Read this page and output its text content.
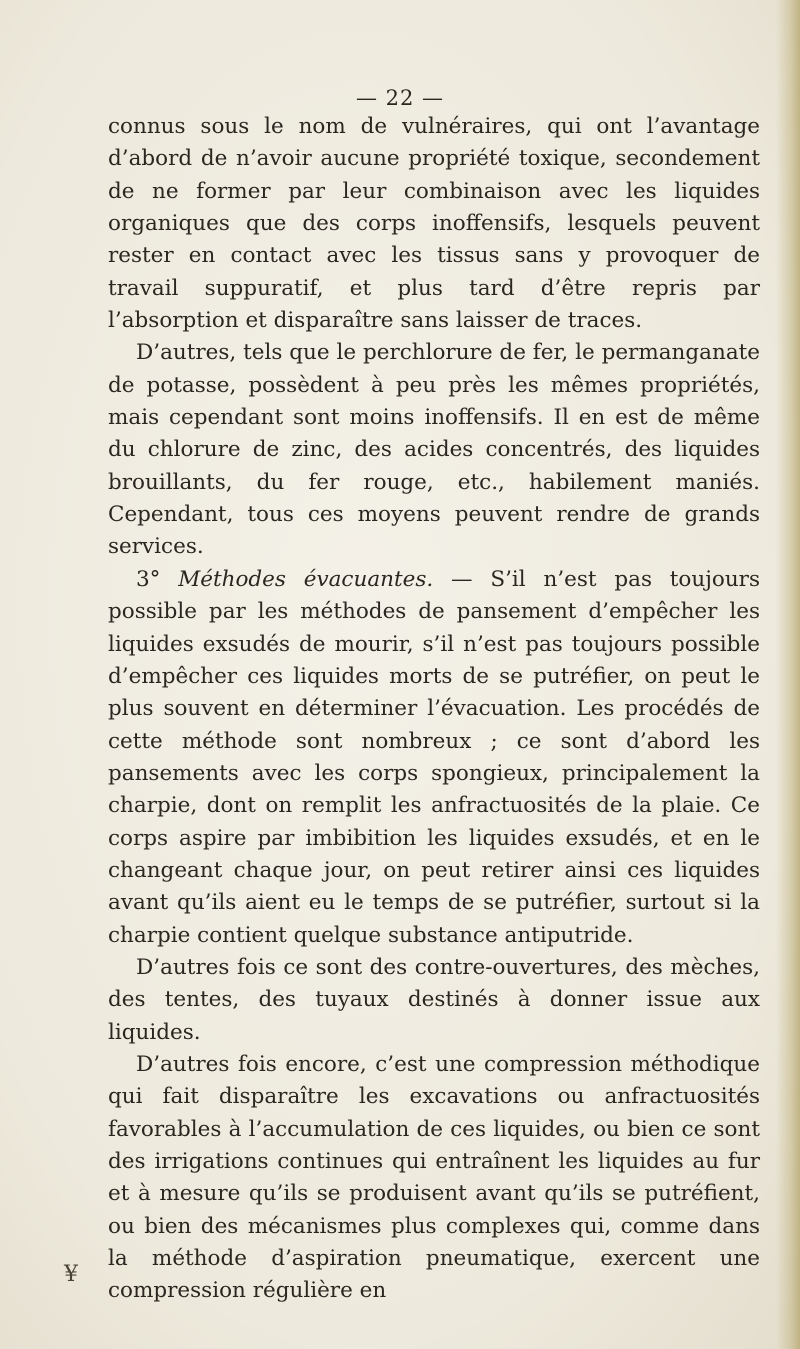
— 22 —

connus sous le nom de vulnéraires, qui ont l’avantage d’abord de n’avoir aucune propriété toxique, secondement de ne former par leur combinaison avec les liquides organiques que des corps inoffensifs, lesquels peuvent rester en contact avec les tissus sans y provoquer de travail suppuratif, et plus tard d’être repris par l’absorption et disparaître sans laisser de traces.

D’autres, tels que le perchlorure de fer, le permanganate de potasse, possèdent à peu près les mêmes propriétés, mais cependant sont moins inoffensifs. Il en est de même du chlorure de zinc, des acides concentrés, des liquides brouillants, du fer rouge, etc., habilement maniés. Cependant, tous ces moyens peuvent rendre de grands services.

3° Méthodes évacuantes. — S’il n’est pas toujours possible par les méthodes de pansement d’empêcher les liquides exsudés de mourir, s’il n’est pas toujours possible d’empêcher ces liquides morts de se putréfier, on peut le plus souvent en déterminer l’évacuation. Les procédés de cette méthode sont nombreux ; ce sont d’abord les pansements avec les corps spongieux, principalement la charpie, dont on remplit les anfractuosités de la plaie. Ce corps aspire par imbibition les liquides exsudés, et en le changeant chaque jour, on peut retirer ainsi ces liquides avant qu’ils aient eu le temps de se putréfier, surtout si la charpie contient quelque substance antiputride.

D’autres fois ce sont des contre-ouvertures, des mèches, des tentes, des tuyaux destinés à donner issue aux liquides.

D’autres fois encore, c’est une compression méthodique qui fait disparaître les excavations ou anfractuosités favorables à l’accumulation de ces liquides, ou bien ce sont des irrigations continues qui entraînent les liquides au fur et à mesure qu’ils se produisent avant qu’ils se putréfient, ou bien des mécanismes plus complexes qui, comme dans la méthode d’aspiration pneumatique, exercent une compression régulière en

¥
